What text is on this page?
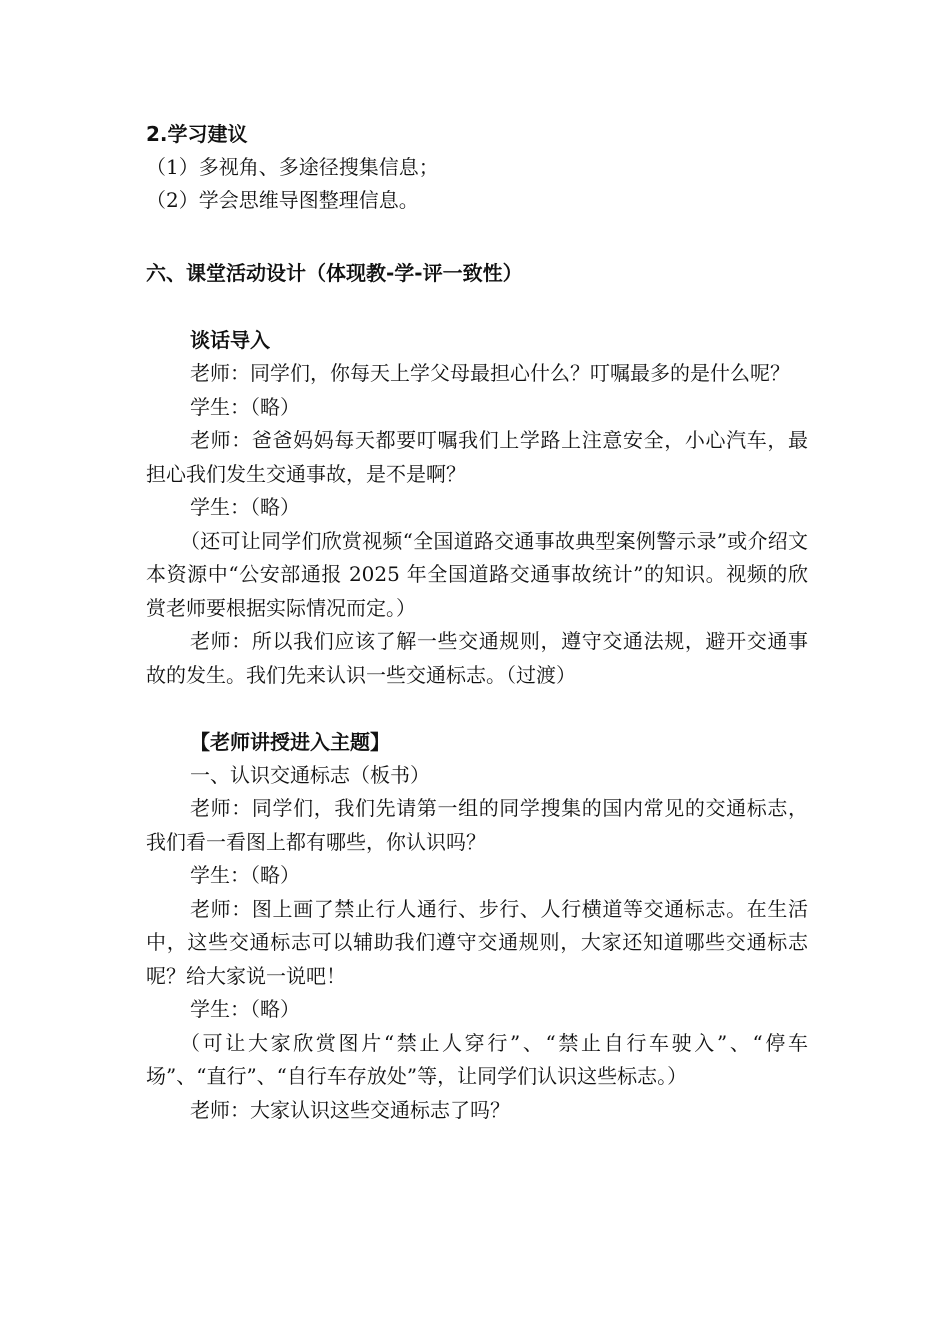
2.学习建议
（1）多视角、多途径搜集信息；
（2）学会思维导图整理信息。
六、课堂活动设计（体现教-学-评一致性）
谈话导入

老师：同学们，你每天上学父母最担心什么？叮嘱最多的是什么呢？

学生：（略）

老师：爸爸妈妈每天都要叮嘱我们上学路上注意安全，小心汽车，最担心我们发生交通事故，是不是啊？

学生：（略）

（还可让同学们欣赏视频“全国道路交通事故典型案例警示录”或介绍文本资源中“公安部通报 2025 年全国道路交通事故统计”的知识。视频的欣赏老师要根据实际情况而定。）

老师：所以我们应该了解一些交通规则，遵守交通法规，避开交通事故的发生。我们先来认识一些交通标志。（过渡）

【老师讲授进入主题】
一、认识交通标志（板书）

老师：同学们，我们先请第一组的同学搜集的国内常见的交通标志，我们看一看图上都有哪些，你认识吗？

学生：（略）

老师：图上画了禁止行人通行、步行、人行横道等交通标志。在生活中，这些交通标志可以辅助我们遵守交通规则，大家还知道哪些交通标志呢？给大家说一说吧！

学生：（略）

（可让大家欣赏图片“禁止人穿行”、“禁止自行车驶入”、“停车场”、“直行”、“自行车存放处”等，让同学们认识这些标志。）

老师：大家认识这些交通标志了吗？
